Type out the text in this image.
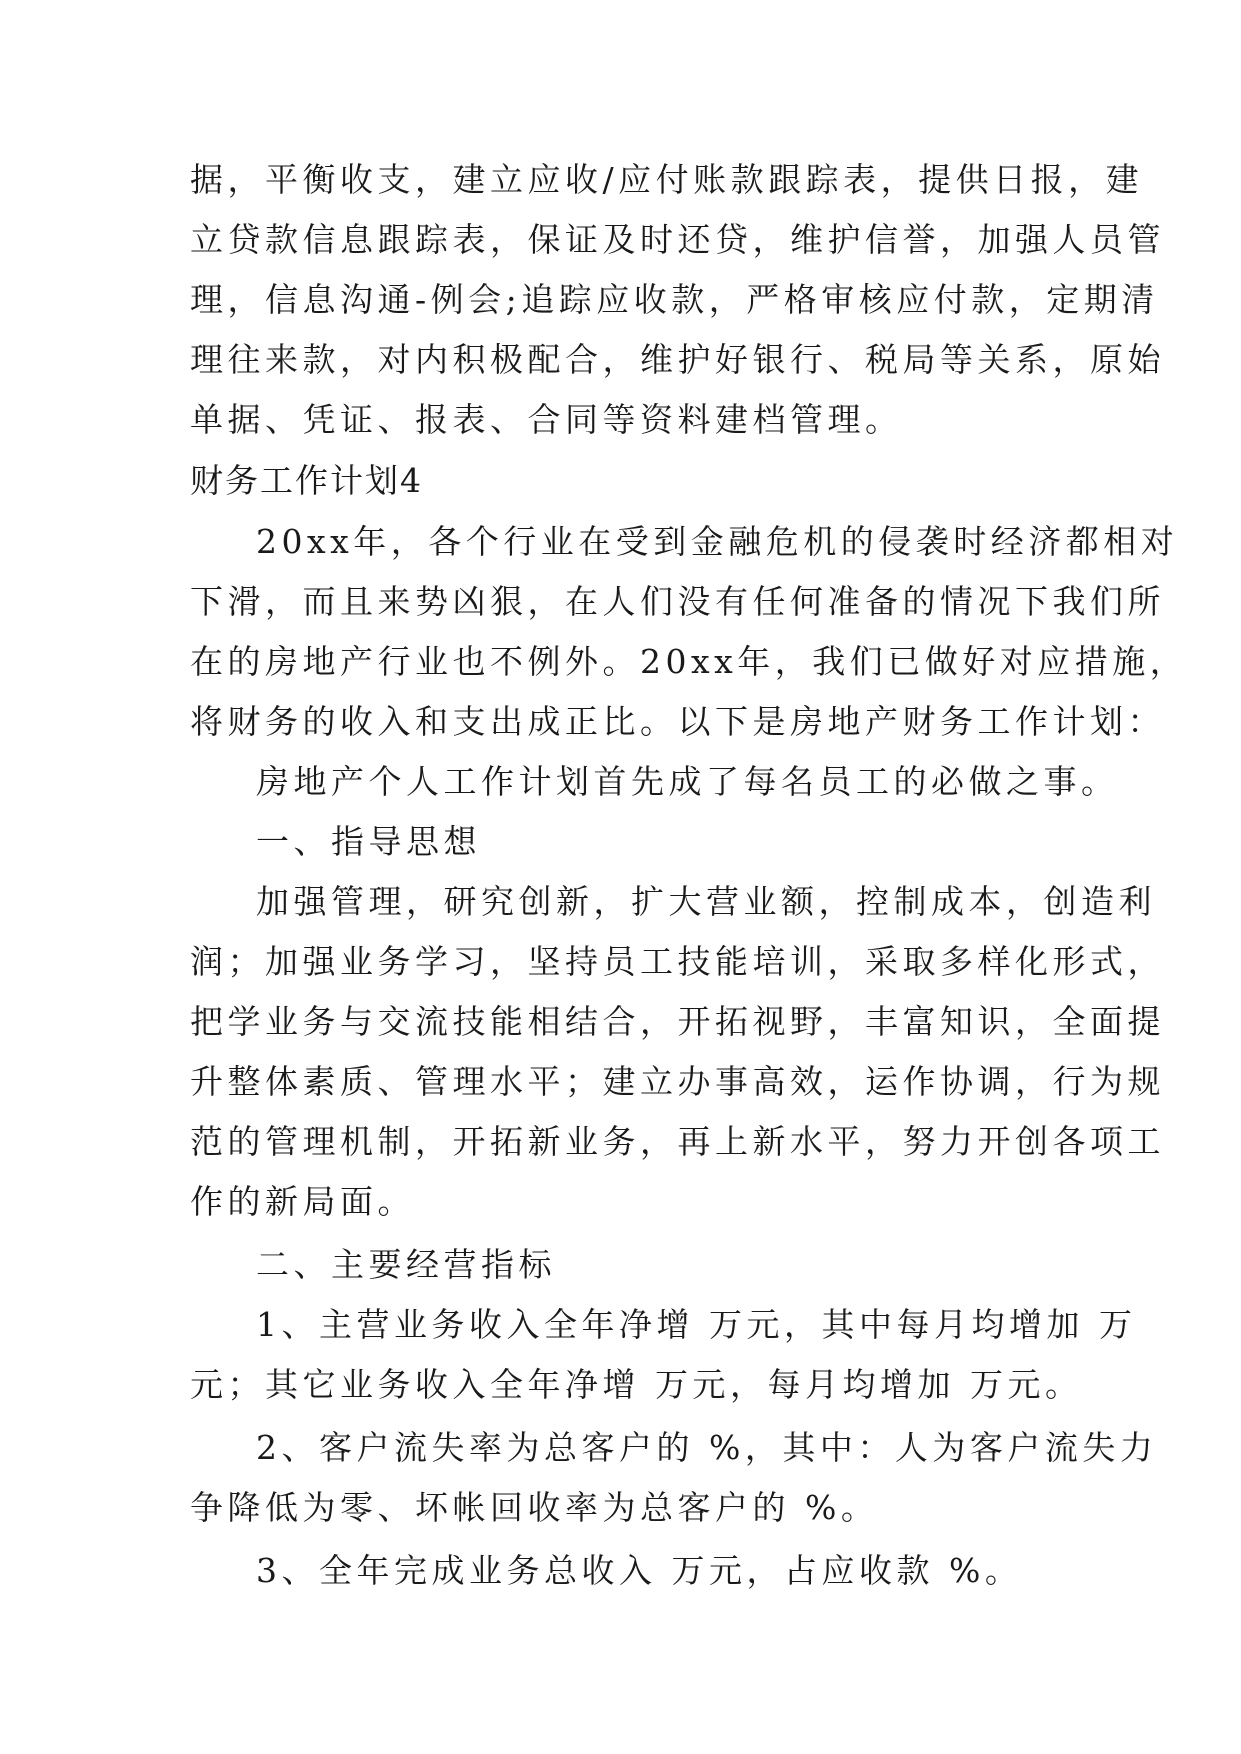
据，平衡收支，建立应收/应付账款跟踪表，提供日报，建
立贷款信息跟踪表，保证及时还贷，维护信誉，加强人员管
理，信息沟通-例会;追踪应收款，严格审核应付款，定期清
理往来款，对内积极配合，维护好银行、税局等关系，原始
单据、凭证、报表、合同等资料建档管理。
财务工作计划4
20xx年，各个行业在受到金融危机的侵袭时经济都相对
下滑，而且来势凶狠，在人们没有任何准备的情况下我们所
在的房地产行业也不例外。20xx年，我们已做好对应措施，
将财务的收入和支出成正比。以下是房地产财务工作计划：
房地产个人工作计划首先成了每名员工的必做之事。
一、指导思想
加强管理，研究创新，扩大营业额，控制成本，创造利
润；加强业务学习，坚持员工技能培训，采取多样化形式，
把学业务与交流技能相结合，开拓视野，丰富知识，全面提
升整体素质、管理水平；建立办事高效，运作协调，行为规
范的管理机制，开拓新业务，再上新水平，努力开创各项工
作的新局面。
二、主要经营指标
1、主营业务收入全年净增 万元，其中每月均增加 万
元；其它业务收入全年净增 万元，每月均增加 万元。
2、客户流失率为总客户的 %，其中：人为客户流失力
争降低为零、坏帐回收率为总客户的 %。
3、全年完成业务总收入 万元，占应收款 %。
